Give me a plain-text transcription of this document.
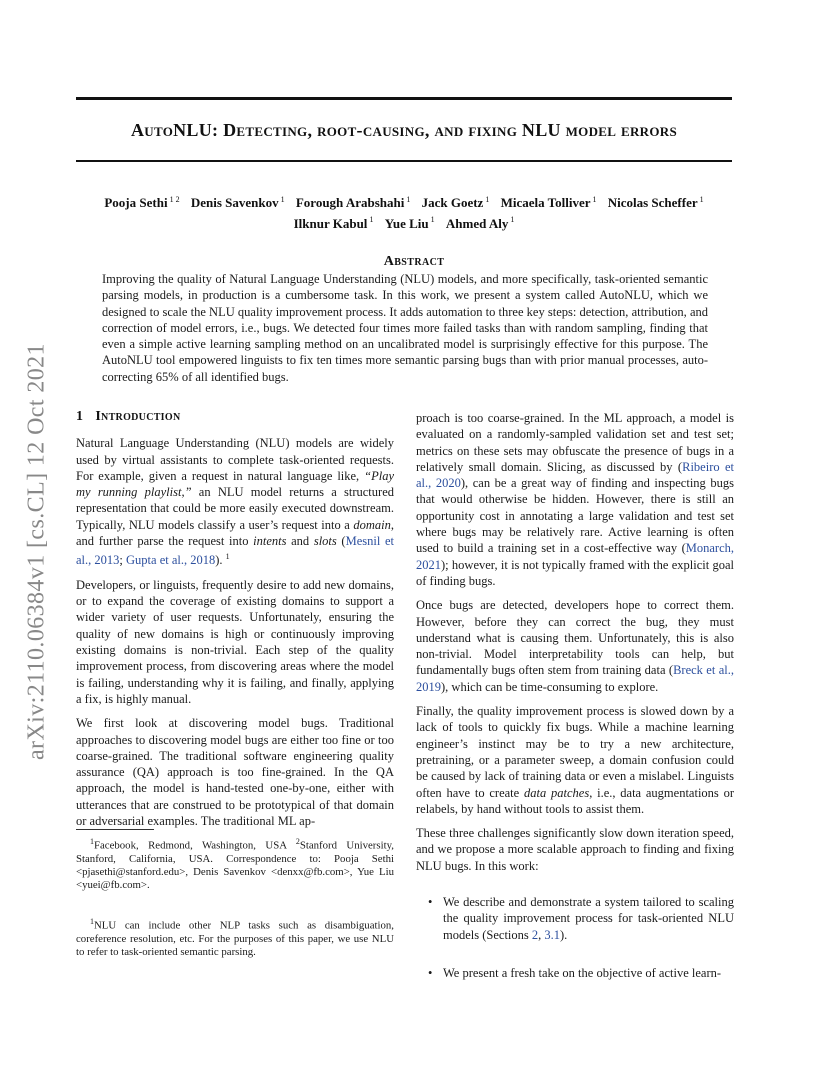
arXiv:2110.06384v1 [cs.CL] 12 Oct 2021
AutoNLU: Detecting, root-causing, and fixing NLU model errors
Pooja Sethi $^{1 2}$ Denis Savenkov $^1$ Forough Arabshahi $^1$ Jack Goetz $^1$ Micaela Tolliver $^1$ Nicolas Scheffer $^1$
Ilknur Kabul $^1$ Yue Liu $^1$ Ahmed Aly $^1$
Abstract

Improving the quality of Natural Language Understanding (NLU) models, and more specifically, task-oriented semantic parsing models, in production is a cumbersome task. In this work, we present a system called AutoNLU, which we designed to scale the NLU quality improvement process. It adds automation to three key steps: detection, attribution, and correction of model errors, i.e., bugs. We detected four times more failed tasks than with random sampling, finding that even a simple active learning sampling method on an uncalibrated model is surprisingly effective for this purpose. The AutoNLU tool empowered linguists to fix ten times more semantic parsing bugs than with prior manual processes, auto-correcting 65% of all identified bugs.

1 Introduction

Natural Language Understanding (NLU) models are widely used by virtual assistants to complete task-oriented requests. For example, given a request in natural language like, “Play my running playlist,” an NLU model returns a structured representation that could be more easily executed downstream. Typically, NLU models classify a user’s request into a domain, and further parse the request into intents and slots (Mesnil et al., 2013; Gupta et al., 2018). $^1$

Developers, or linguists, frequently desire to add new domains, or to expand the coverage of existing domains to support a wider variety of user requests. Unfortunately, ensuring the quality of new domains is high or continuously improving existing domains is non-trivial. Each step of the quality improvement process, from discovering areas where the model is failing, understanding why it is failing, and finally, applying a fix, is highly manual.

We first look at discovering model bugs. Traditional approaches to discovering model bugs are either too fine or too coarse-grained. The traditional software engineering quality assurance (QA) approach is too fine-grained. In the QA approach, the model is hand-tested one-by-one, either with utterances that are construed to be prototypical of that domain or adversarial examples. The traditional ML ap-

$^1$Facebook, Redmond, Washington, USA $^2$Stanford University, Stanford, California, USA. Correspondence to: Pooja Sethi <pjasethi@stanford.edu>, Denis Savenkov <denxx@fb.com>, Yue Liu <yuei@fb.com>.

$^1$NLU can include other NLP tasks such as disambiguation, coreference resolution, etc. For the purposes of this paper, we use NLU to refer to task-oriented semantic parsing.

proach is too coarse-grained. In the ML approach, a model is evaluated on a randomly-sampled validation set and test set; metrics on these sets may obfuscate the presence of bugs in a relatively small domain. Slicing, as discussed by (Ribeiro et al., 2020), can be a great way of finding and inspecting bugs that would otherwise be hidden. However, there is still an opportunity cost in annotating a large validation and test set where bugs may be relatively rare. Active learning is often used to build a training set in a cost-effective way (Monarch, 2021); however, it is not typically framed with the explicit goal of finding bugs.

Once bugs are detected, developers hope to correct them. However, before they can correct the bug, they must understand what is causing them. Unfortunately, this is also non-trivial. Model interpretability tools can help, but fundamentally bugs often stem from training data (Breck et al., 2019), which can be time-consuming to explore.

Finally, the quality improvement process is slowed down by a lack of tools to quickly fix bugs. While a machine learning engineer’s instinct may be to try a new architecture, pretraining, or a parameter sweep, a domain confusion could be caused by lack of training data or even a mislabel. Linguists often have to create data patches, i.e., data augmentations or relabels, by hand without tools to assist them.

These three challenges significantly slow down iteration speed, and we propose a more scalable approach to finding and fixing NLU bugs. In this work:

• We describe and demonstrate a system tailored to scaling the quality improvement process for task-oriented NLU models (Sections 2, 3.1).
• We present a fresh take on the objective of active learn-
